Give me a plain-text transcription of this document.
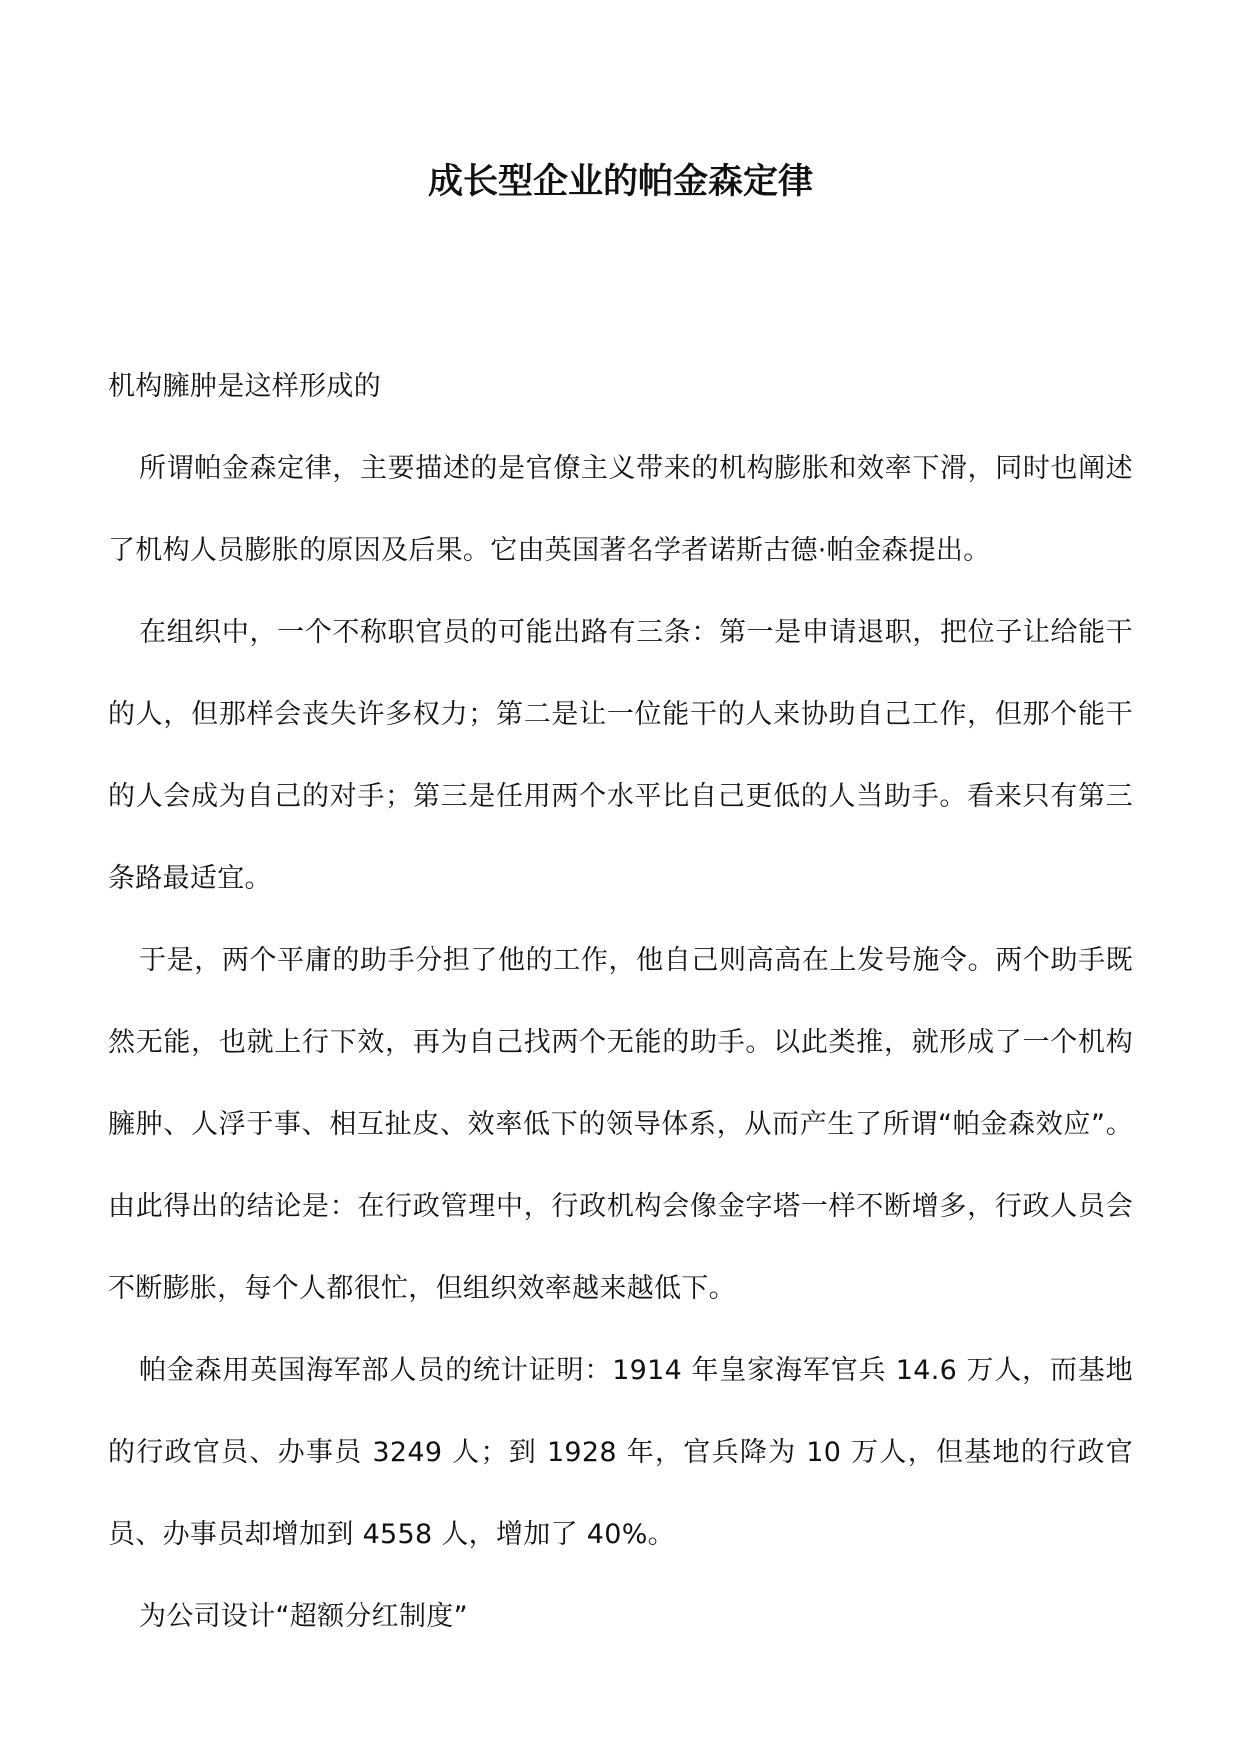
成长型企业的帕金森定律

机构臃肿是这样形成的

所谓帕金森定律，主要描述的是官僚主义带来的机构膨胀和效率下滑，同时也阐述了机构人员膨胀的原因及后果。它由英国著名学者诺斯古德·帕金森提出。

在组织中，一个不称职官员的可能出路有三条：第一是申请退职，把位子让给能干的人，但那样会丧失许多权力；第二是让一位能干的人来协助自己工作，但那个能干的人会成为自己的对手；第三是任用两个水平比自己更低的人当助手。看来只有第三条路最适宜。

于是，两个平庸的助手分担了他的工作，他自己则高高在上发号施令。两个助手既然无能，也就上行下效，再为自己找两个无能的助手。以此类推，就形成了一个机构臃肿、人浮于事、相互扯皮、效率低下的领导体系，从而产生了所谓“帕金森效应”。由此得出的结论是：在行政管理中，行政机构会像金字塔一样不断增多，行政人员会不断膨胀，每个人都很忙，但组织效率越来越低下。

帕金森用英国海军部人员的统计证明：1914 年皇家海军官兵 14.6 万人，而基地的行政官员、办事员 3249 人；到 1928 年，官兵降为 10 万人，但基地的行政官员、办事员却增加到 4558 人，增加了 40%。

为公司设计“超额分红制度”
